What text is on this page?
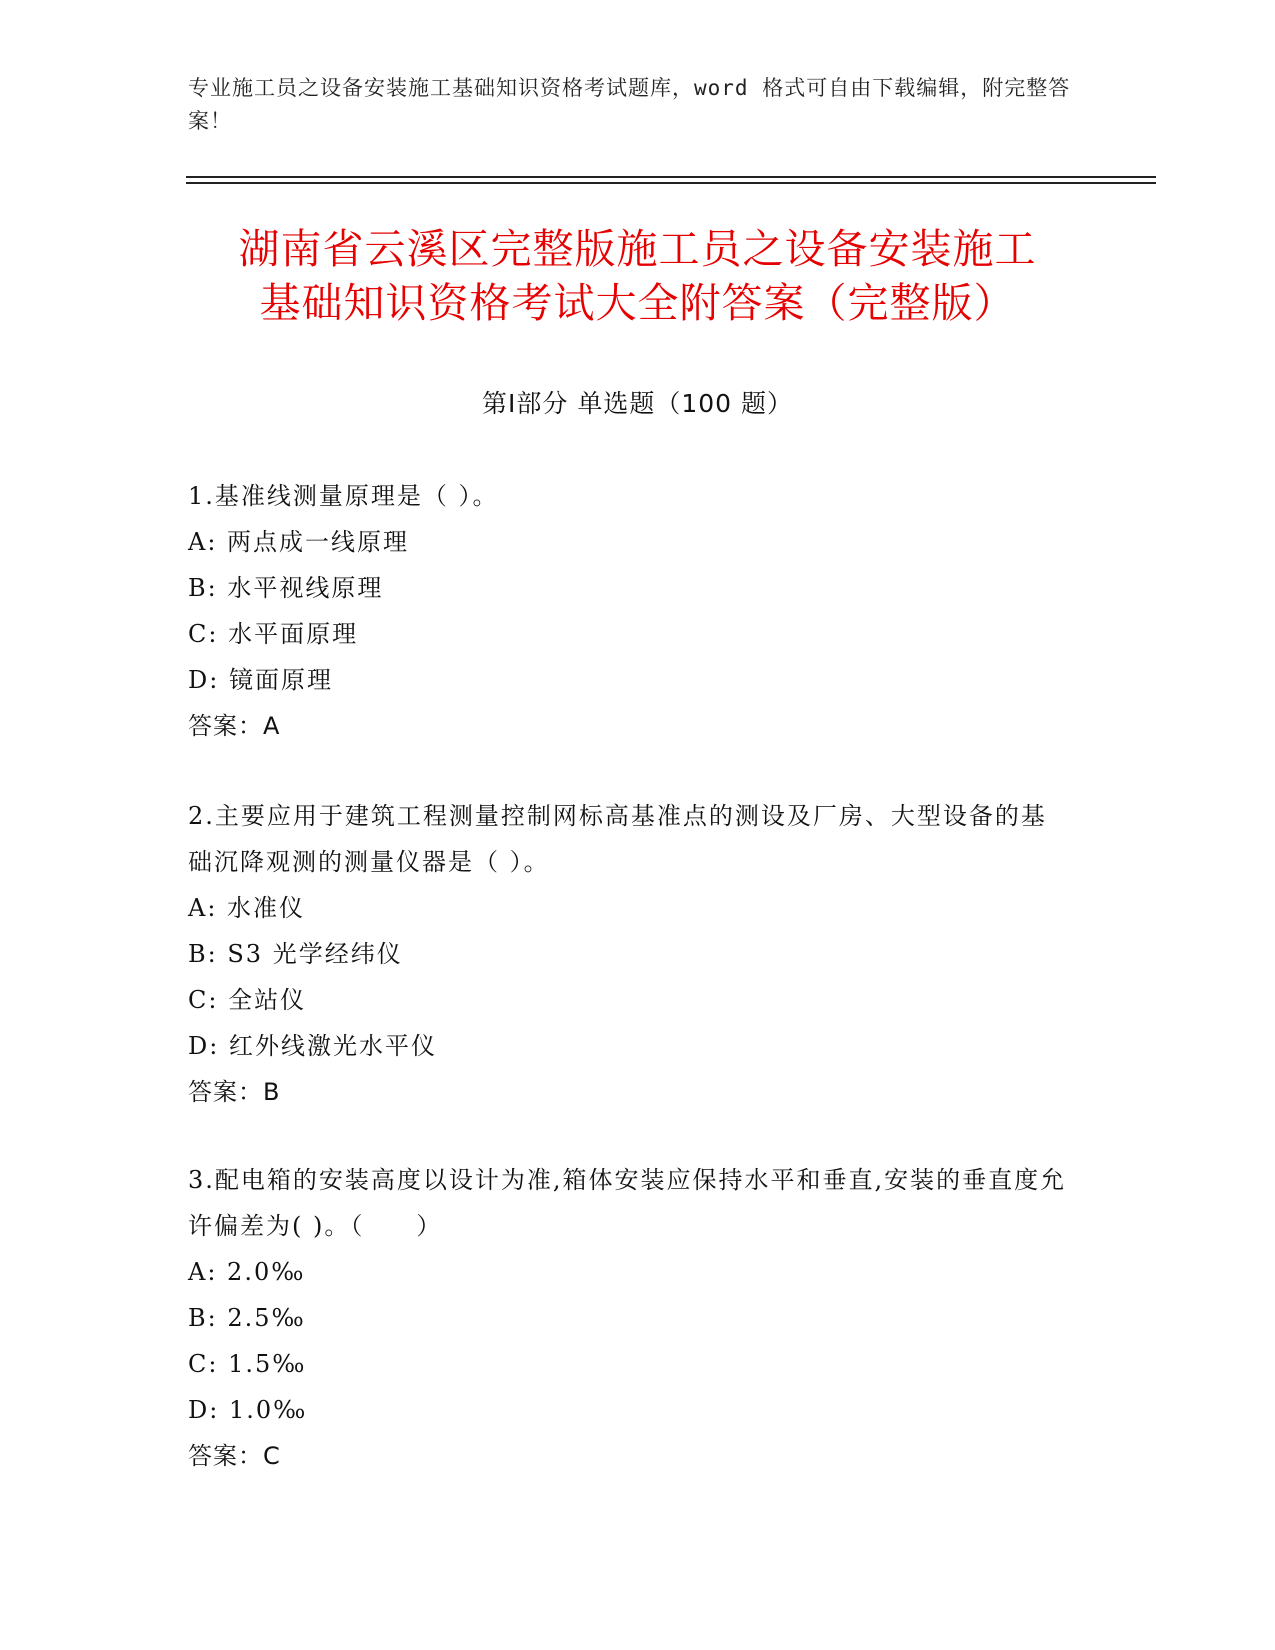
专业施工员之设备安装施工基础知识资格考试题库，word 格式可自由下载编辑，附完整答案！
湖南省云溪区完整版施工员之设备安装施工
基础知识资格考试大全附答案（完整版）
第Ⅰ部分 单选题（100 题）

1.基准线测量原理是（ ）。

A: 两点成一线原理

B: 水平视线原理

C: 水平面原理

D: 镜面原理

答案：A

2.主要应用于建筑工程测量控制网标高基准点的测设及厂房、大型设备的基础沉降观测的测量仪器是（ ）。

A: 水准仪

B: S3 光学经纬仪

C: 全站仪

D: 红外线激光水平仪

答案：B

3.配电箱的安装高度以设计为准,箱体安装应保持水平和垂直,安装的垂直度允许偏差为( )。（　　）

A: 2.0‰

B: 2.5‰

C: 1.5‰

D: 1.0‰

答案：C
